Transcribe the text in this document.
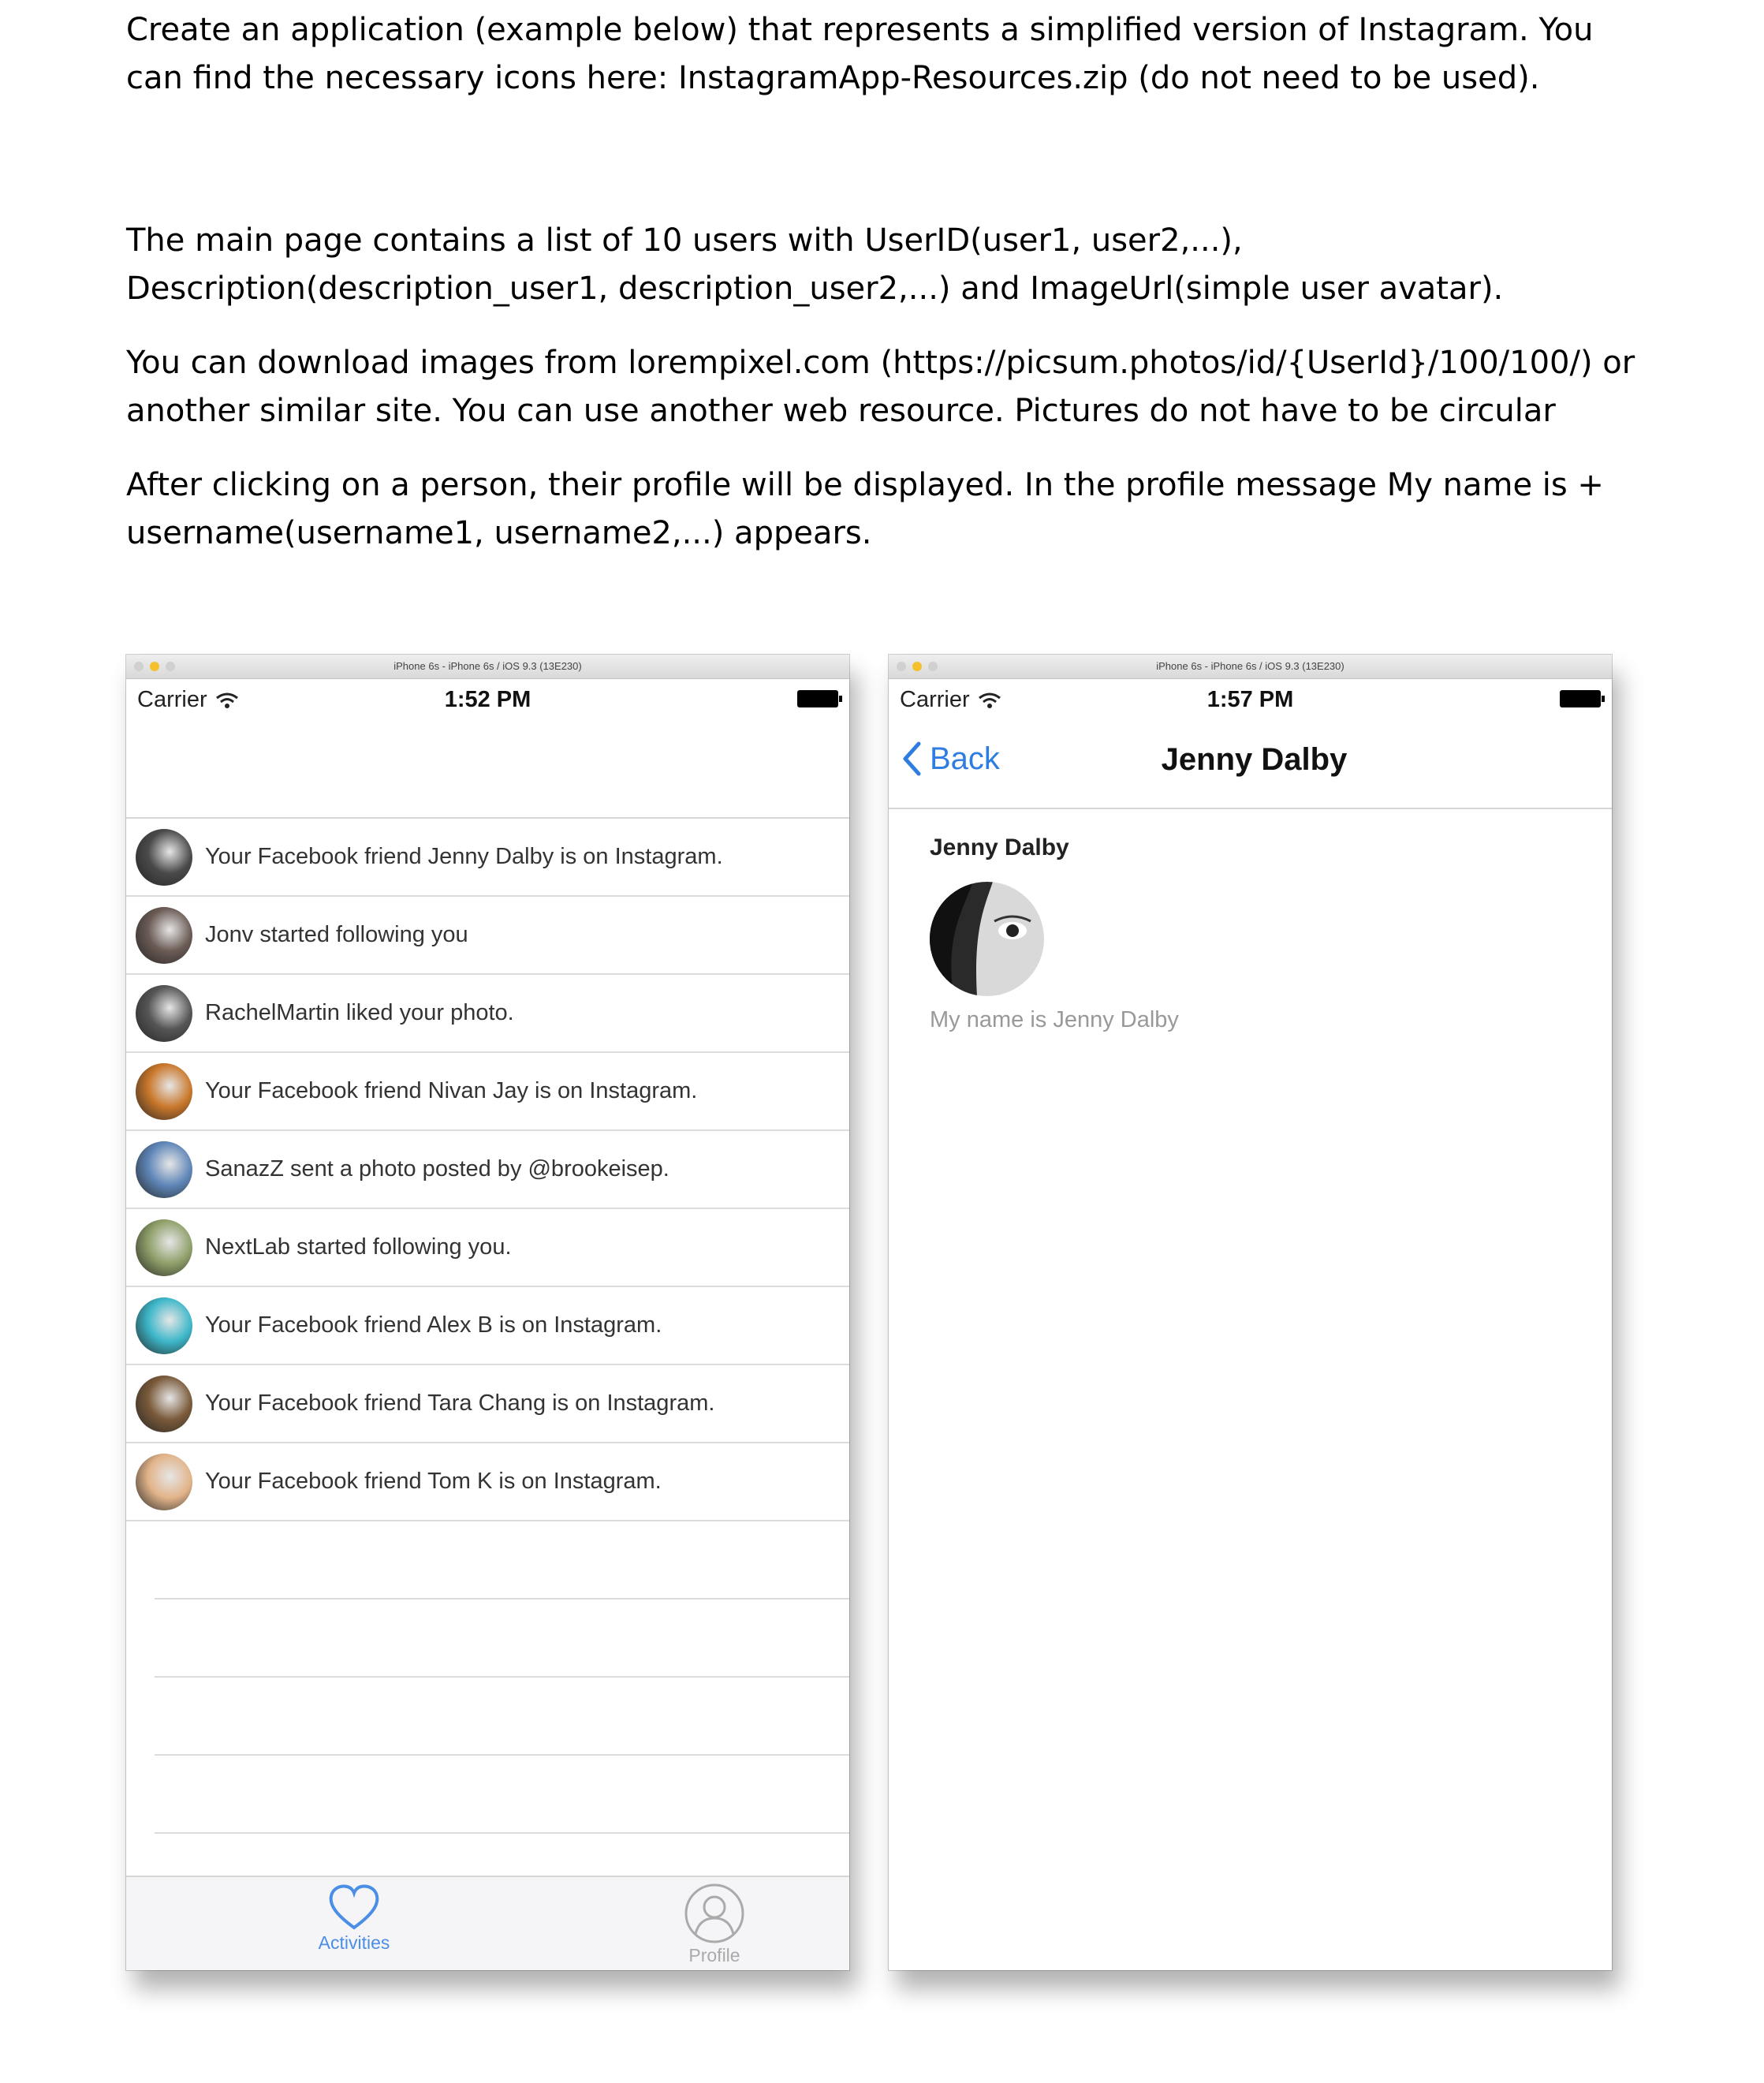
Create an application (example below) that represents a simplified version of Instagram. You can find the necessary icons here: InstagramApp-Resources.zip (do not need to be used).

The main page contains a list of 10 users with UserID(user1, user2,...), Description(description_user1, description_user2,...) and ImageUrl(simple user avatar).

You can download images from lorempixel.com (https://picsum.photos/id/{UserId}/100/100/) or another similar site. You can use another web resource. Pictures do not have to be circular

After clicking on a person, their profile will be displayed. In the profile message My name is + username(username1, username2,...) appears.

iPhone 6s - iPhone 6s / iOS 9.3 (13E230)
Carrier	1:52 PM
Your Facebook friend Jenny Dalby is on Instagram.
Jonv started following you
RachelMartin liked your photo.
Your Facebook friend Nivan Jay is on Instagram.
SanazZ sent a photo posted by @brookeisep.
NextLab started following you.
Your Facebook friend Alex B is on Instagram.
Your Facebook friend Tara Chang is on Instagram.
Your Facebook friend Tom K is on Instagram.
Activities
Profile
iPhone 6s - iPhone 6s / iOS 9.3 (13E230)
Carrier	1:57 PM
Back	Jenny Dalby
Jenny Dalby
My name is Jenny Dalby
